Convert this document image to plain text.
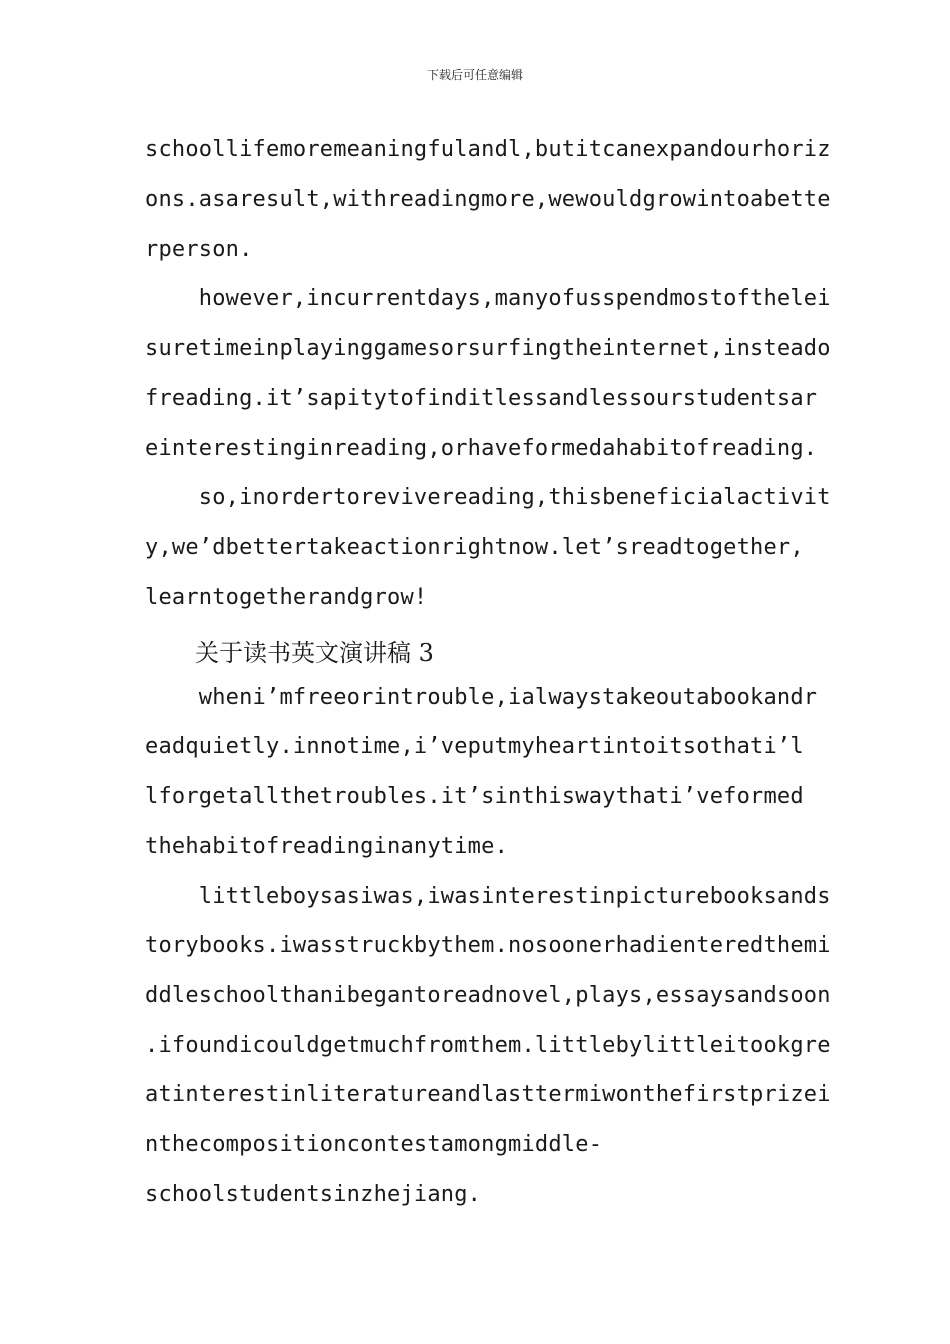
下载后可任意编辑
schoollifemoremeaningfulandl,butitcanexpandourhoriz
ons.asaresult,withreadingmore,wewouldgrowintoabette
rperson.
however,incurrentdays,manyofusspendmostofthelei
suretimeinplayinggamesorsurfingtheinternet,insteado
freading.it’sapitytofinditlessandlessourstudentsar
einterestinginreading,orhaveformedahabitofreading.
so,inordertorevivereading,thisbeneficialactivit
y,we’dbettertakeactionrightnow.let’sreadtogether,
learntogetherandgrow!
关于读书英文演讲稿 3
wheni’mfreeorintrouble,ialwaystakeoutabookandr
eadquietly.innotime,i’veputmyheartintoitsothati’l
lforgetallthetroubles.it’sinthiswaythati’veformed
thehabitofreadinginanytime.
littleboysasiwas,iwasinterestinpicturebooksands
torybooks.iwasstruckbythem.nosoonerhadienteredthemi
ddleschoolthanibegantoreadnovel,plays,essaysandsoon
.ifoundicouldgetmuchfromthem.littlebylittleitookgre
atinterestinliteratureandlasttermiwonthefirstprizei
nthecompositioncontestamongmiddle-
schoolstudentsinzhejiang.
